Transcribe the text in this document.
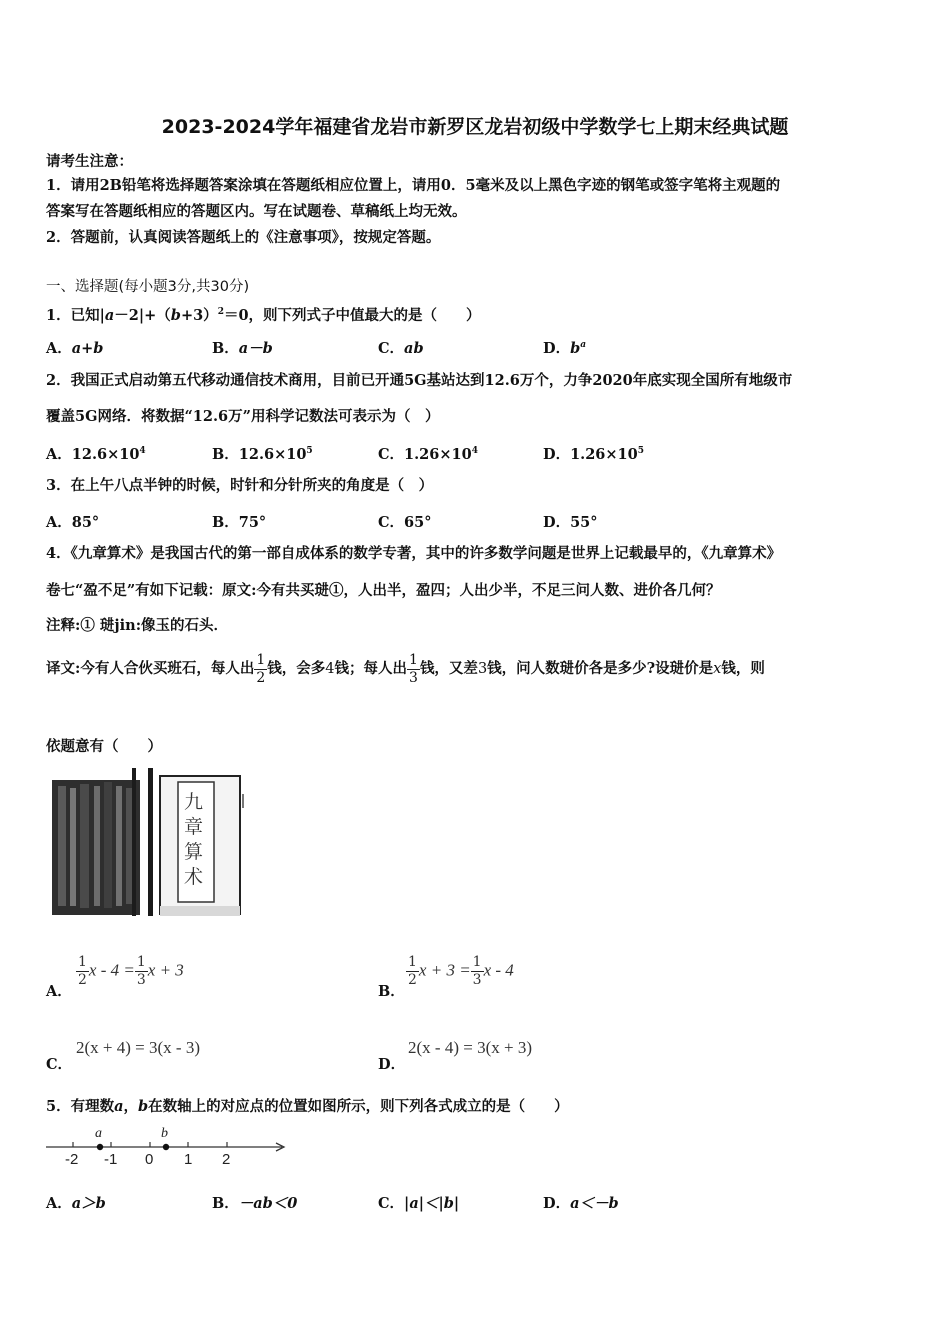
2023-2024学年福建省龙岩市新罗区龙岩初级中学数学七上期末经典试题
请考生注意：
1．请用2B铅笔将选择题答案涂填在答题纸相应位置上，请用0．5毫米及以上黑色字迹的钢笔或签字笔将主观题的
答案写在答题纸相应的答题区内。写在试题卷、草稿纸上均无效。
2．答题前，认真阅读答题纸上的《注意事项》，按规定答题。
一、选择题(每小题3分,共30分)
1．已知$|a-2|+(b+3)^2=0$，则下列式子中值最大的是（　　）
A．a+b	B．a－b	C．ab	D．$b^a$
2．我国正式启动第五代移动通信技术商用，目前已开通5G基站达到12.6万个，力争2020年底实现全国所有地级市
覆盖5G网络．将数据“12.6万”用科学记数法可表示为（　）
A．$12.6\times 10^4$	B．$12.6\times 10^5$	C．$1.26\times 10^4$	D．$1.26\times 10^5$
3．在上午八点半钟的时候，时针和分针所夹的角度是（　）
A．85°	B．75°	C．65°	D．55°
4．《九章算术》是我国古代的第一部自成体系的数学专著，其中的许多数学问题是世界上记载最早的，《九章算术》
卷七“盈不足”有如下记载：原文:今有共买琎①，人出半，盈四；人出少半，不足三问人数、进价各几何？
注释:① 琎jin:像玉的石头．
译文:今有人合伙买班石，每人出 $\frac{1}{2}$ 钱，会多4钱；每人出 $\frac{1}{3}$ 钱，又差3钱，问人数琎价各是多少?设琎价是x钱，则
依题意有（　　）
九章算术
A．
$\frac{1}{2}$ $x - 4 = \frac{1}{3}$ x + 3
B．
$\frac{1}{2}$ $x + 3 = \frac{1}{3}$ x - 4
C．
2(x + 4) = 3(x - 3)
D．
2(x - 4) = 3(x + 3)
5．有理数a，b在数轴上的对应点的位置如图所示，则下列各式成立的是（　　）
a	b
-2 -1 0 1 2
A．a＞b	B．－ab＜0	C．|a|＜|b|	D．a＜－b
